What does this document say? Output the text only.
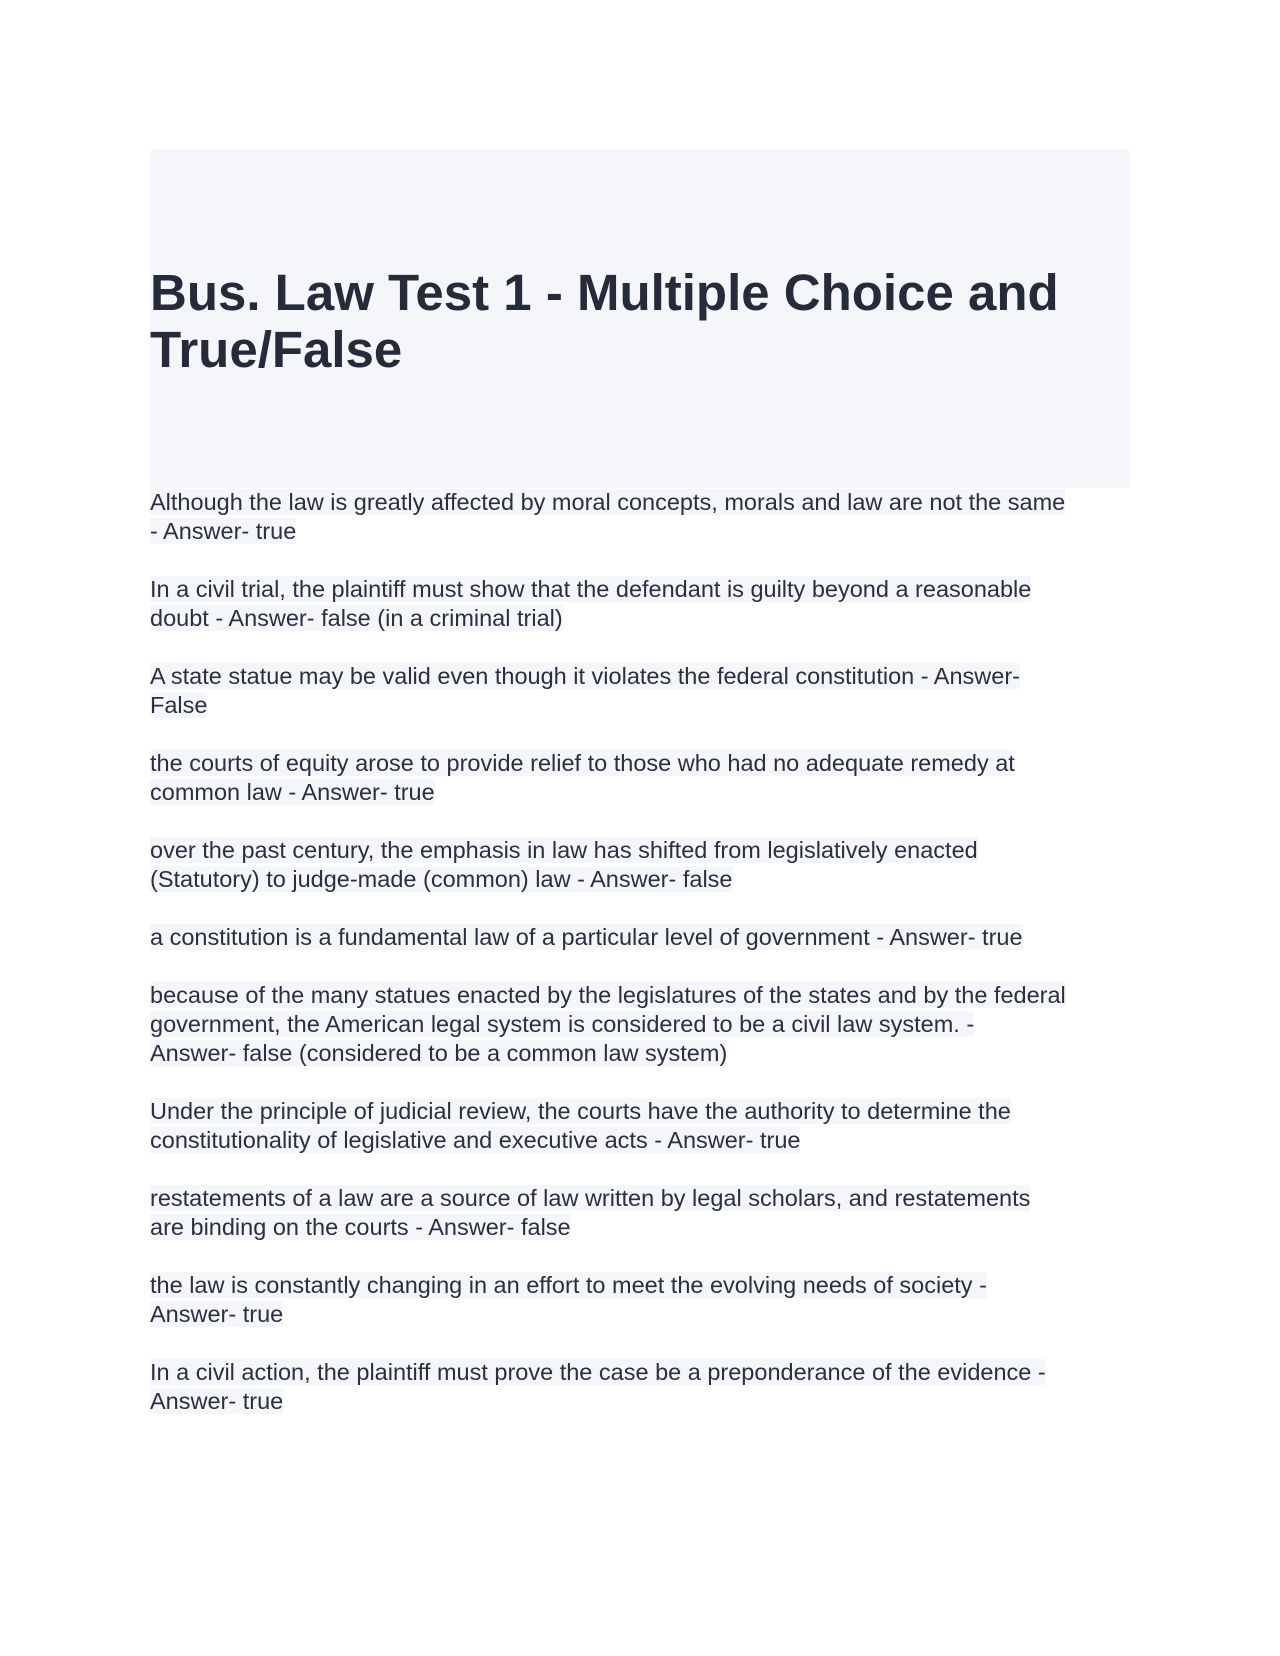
Bus. Law Test 1 - Multiple Choice and
True/False

Although the law is greatly affected by moral concepts, morals and law are not the same
- Answer- true

In a civil trial, the plaintiff must show that the defendant is guilty beyond a reasonable
doubt - Answer- false (in a criminal trial)

A state statue may be valid even though it violates the federal constitution - Answer-
False

the courts of equity arose to provide relief to those who had no adequate remedy at
common law - Answer- true

over the past century, the emphasis in law has shifted from legislatively enacted
(Statutory) to judge-made (common) law - Answer- false

a constitution is a fundamental law of a particular level of government - Answer- true

because of the many statues enacted by the legislatures of the states and by the federal
government, the American legal system is considered to be a civil law system. -
Answer- false (considered to be a common law system)

Under the principle of judicial review, the courts have the authority to determine the
constitutionality of legislative and executive acts - Answer- true

restatements of a law are a source of law written by legal scholars, and restatements
are binding on the courts - Answer- false

the law is constantly changing in an effort to meet the evolving needs of society -
Answer- true

In a civil action, the plaintiff must prove the case be a preponderance of the evidence -
Answer- true
